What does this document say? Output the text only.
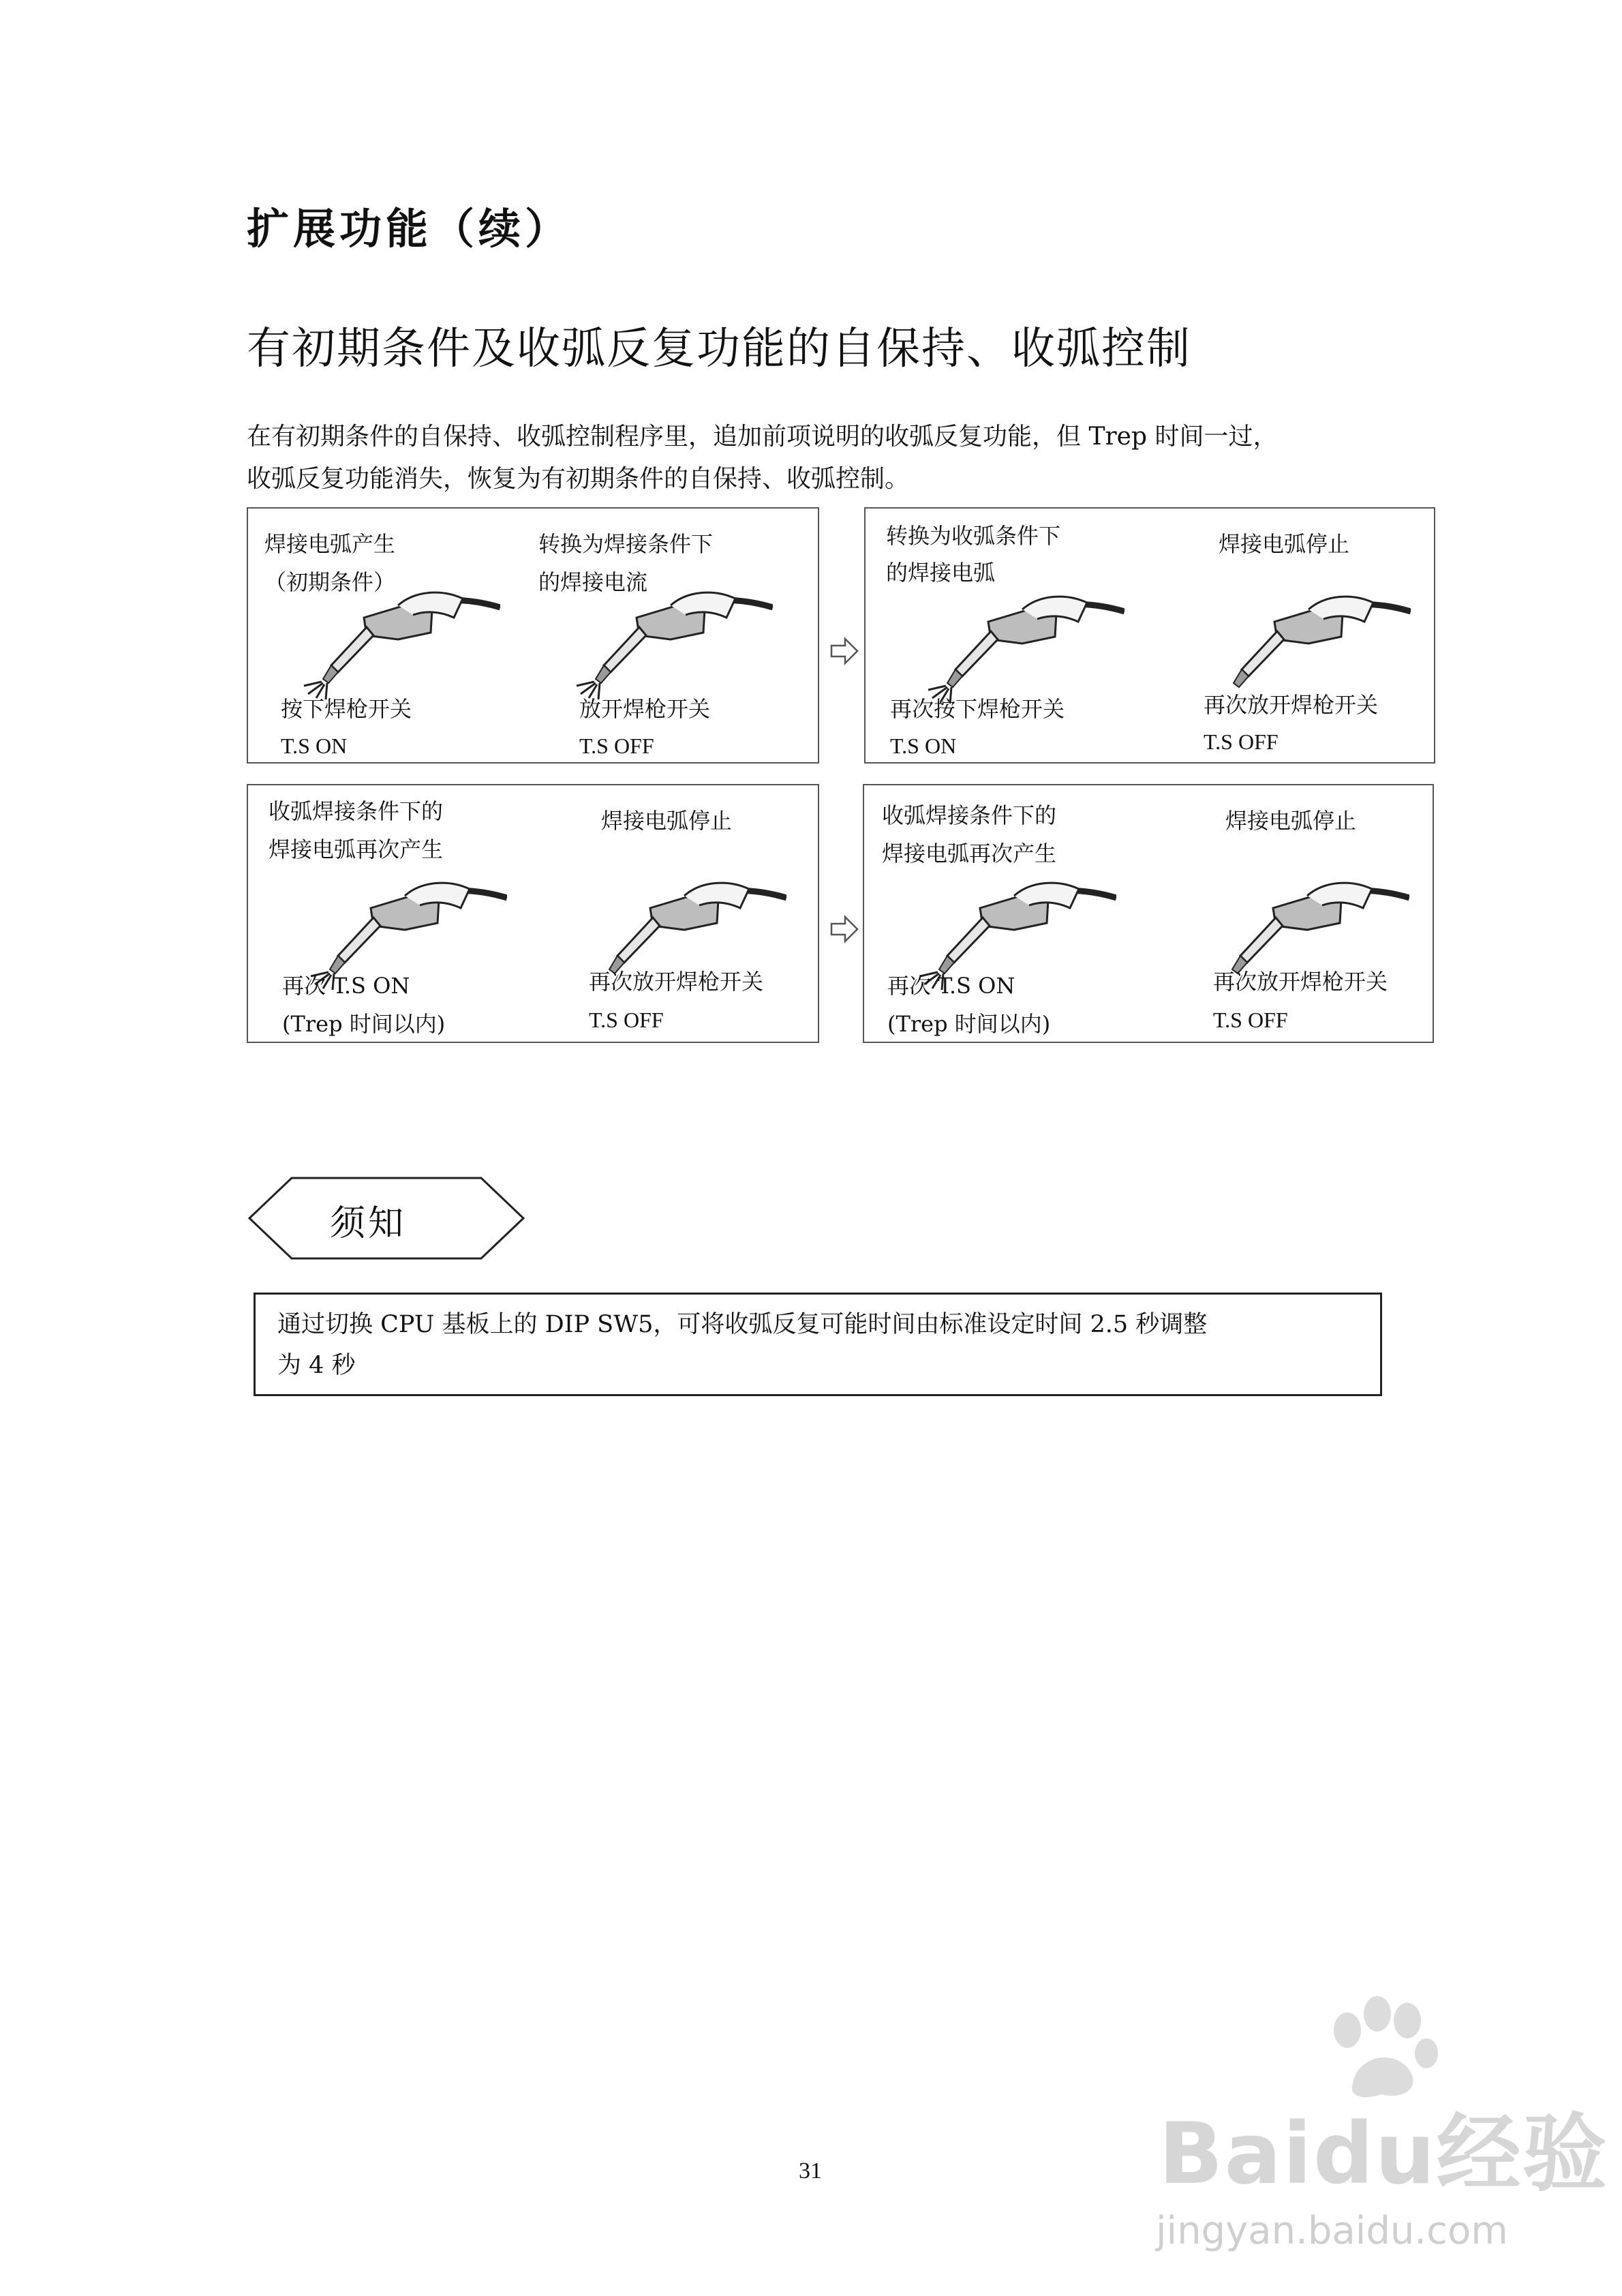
扩展功能（续）
有初期条件及收弧反复功能的自保持、收弧控制
在有初期条件的自保持、收弧控制程序里，追加前项说明的收弧反复功能，但 Trep 时间一过，
收弧反复功能消失，恢复为有初期条件的自保持、收弧控制。
焊接电弧产生
（初期条件）
转换为焊接条件下
的焊接电流
按下焊枪开关
T.S ON
放开焊枪开关
T.S OFF
转换为收弧条件下
的焊接电弧
焊接电弧停止
再次按下焊枪开关
T.S ON
再次放开焊枪开关
T.S OFF
收弧焊接条件下的
焊接电弧再次产生
焊接电弧停止
再次 T.S ON
(Trep 时间以内)
再次放开焊枪开关
T.S OFF
收弧焊接条件下的
焊接电弧再次产生
焊接电弧停止
再次 T.S ON
(Trep 时间以内)
再次放开焊枪开关
T.S OFF
须知
通过切换 CPU 基板上的 DIP SW5，可将收弧反复可能时间由标准设定时间 2.5 秒调整
为 4 秒
31	Baidu经验
jingyan.baidu.com
